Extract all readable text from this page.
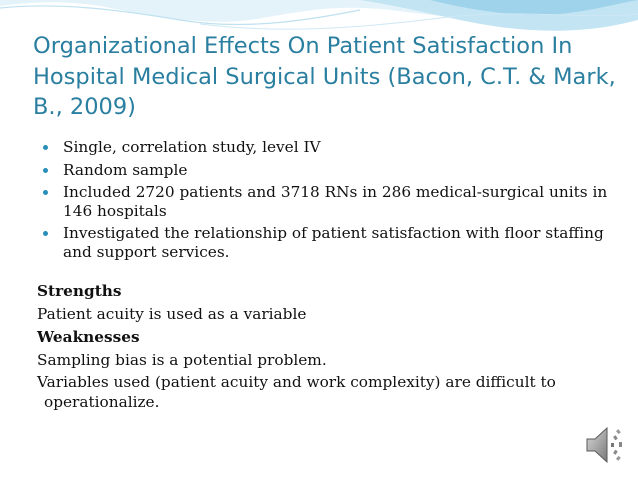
Organizational Effects On Patient Satisfaction In Hospital Medical Surgical Units (Bacon, C.T. & Mark, B., 2009)
Single, correlation study, level IV
Random sample
Included 2720 patients and 3718 RNs in 286 medical-surgical units in 146 hospitals
Investigated the relationship of patient satisfaction with floor staffing and support services.

Strengths

Patient acuity is used as a variable

Weaknesses

Sampling bias is a potential problem.

Variables used (patient acuity and work complexity) are difficult to operationalize.
